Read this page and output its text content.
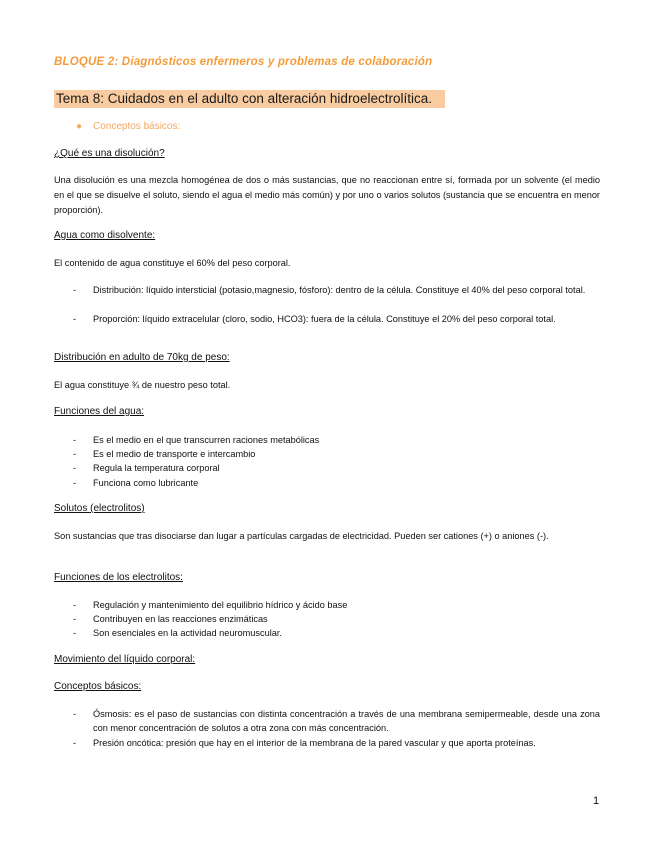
BLOQUE 2: Diagnósticos enfermeros y problemas de colaboración
Tema 8: Cuidados en el adulto con alteración hidroelectrolítica.
● Conceptos básicos:
¿Qué es una disolución?
Una disolución es una mezcla homogénea de dos o más sustancias, que no reaccionan entre sí, formada por un solvente (el medio en el que se disuelve el soluto, siendo el agua el medio más común) y por uno o varios solutos (sustancia que se encuentra en menor proporción).
Agua como disolvente:
El contenido de agua constituye el 60% del peso corporal.
- Distribución: líquido intersticial (potasio,magnesio, fósforo): dentro de la célula. Constituye el 40% del peso corporal total.
- Proporción: líquido extracelular (cloro, sodio, HCO3): fuera de la célula. Constituye el 20% del peso corporal total.
Distribución en adulto de 70kg de peso:
El agua constituye ¾ de nuestro peso total.
Funciones del agua:
- Es el medio en el que transcurren raciones metabólicas
- Es el medio de transporte e intercambio
- Regula la temperatura corporal
- Funciona como lubricante
Solutos (electrolitos)
Son sustancias que tras disociarse dan lugar a partículas cargadas de electricidad. Pueden ser cationes (+) o aniones (-).
Funciones de los electrolitos:
- Regulación y mantenimiento del equilibrio hídrico y ácido base
- Contribuyen en las reacciones enzimáticas
- Son esenciales en la actividad neuromuscular.
Movimiento del líquido corporal:
Conceptos básicos:
- Ósmosis: es el paso de sustancias con distinta concentración a través de una membrana semipermeable, desde una zona con menor concentración de solutos a otra zona con más concentración.
- Presión oncótica: presión que hay en el interior de la membrana de la pared vascular y que aporta proteínas.
1
